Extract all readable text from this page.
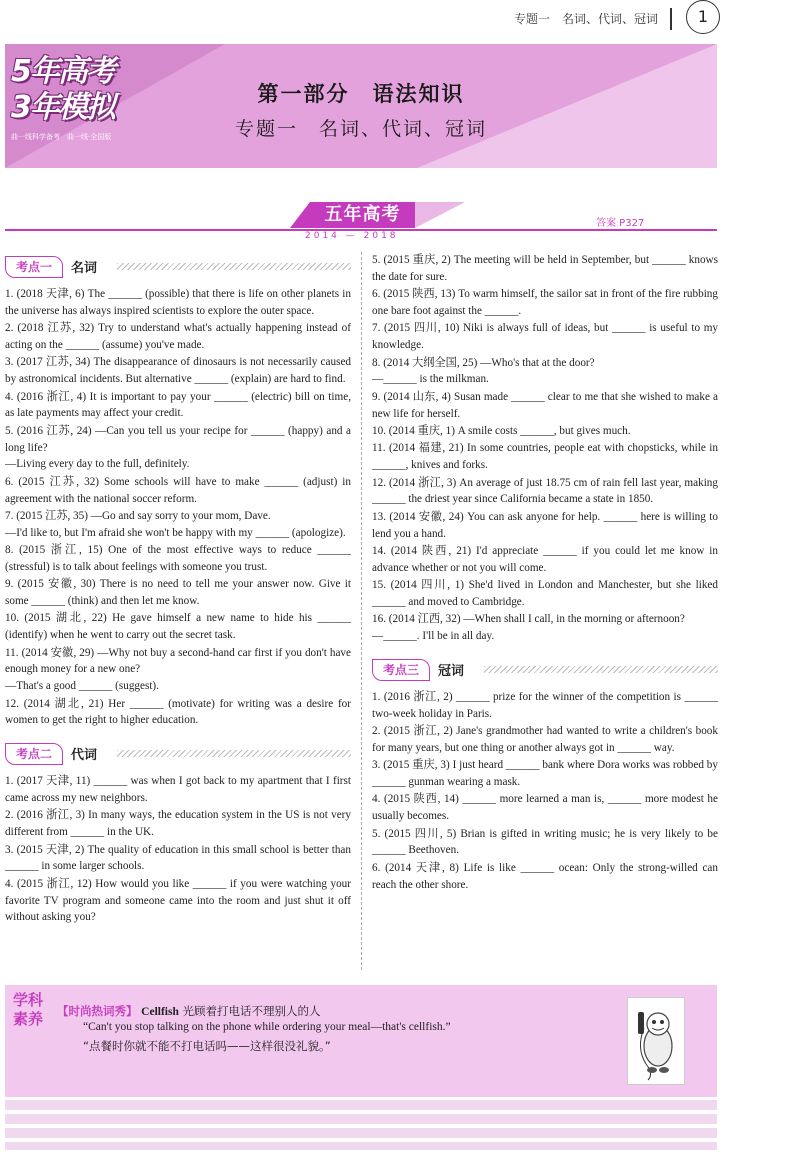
专题一　名词、代词、冠词	1
5年高考
3年模拟
曲一线科学备考　曲一线·全国版
第一部分　语法知识
专题一　名词、代词、冠词
五年高考
2014 — 2018
答案 P327
考点一	名词

1. (2018 天津, 6) The ______ (possible) that there is life on other planets in the universe has always inspired scientists to explore the outer space.

2. (2018 江苏, 32) Try to understand what's actually happening instead of acting on the ______ (assume) you've made.

3. (2017 江苏, 34) The disappearance of dinosaurs is not necessarily caused by astronomical incidents. But alternative ______ (explain) are hard to find.

4. (2016 浙江, 4) It is important to pay your ______ (electric) bill on time, as late payments may affect your credit.

5. (2016 江苏, 24) —Can you tell us your recipe for ______ (happy) and a long life?
—Living every day to the full, definitely.

6. (2015 江苏, 32) Some schools will have to make ______ (adjust) in agreement with the national soccer reform.

7. (2015 江苏, 35) —Go and say sorry to your mom, Dave.
—I'd like to, but I'm afraid she won't be happy with my ______ (apologize).

8. (2015 浙江, 15) One of the most effective ways to reduce ______ (stressful) is to talk about feelings with someone you trust.

9. (2015 安徽, 30) There is no need to tell me your answer now. Give it some ______ (think) and then let me know.

10. (2015 湖北, 22) He gave himself a new name to hide his ______ (identify) when he went to carry out the secret task.

11. (2014 安徽, 29) —Why not buy a second-hand car first if you don't have enough money for a new one?
—That's a good ______ (suggest).

12. (2014 湖北, 21) Her ______ (motivate) for writing was a desire for women to get the right to higher education.

考点二	代词

1. (2017 天津, 11) ______ was when I got back to my apartment that I first came across my new neighbors.

2. (2016 浙江, 3) In many ways, the education system in the US is not very different from ______ in the UK.

3. (2015 天津, 2) The quality of education in this small school is better than ______ in some larger schools.

4. (2015 浙江, 12) How would you like ______ if you were watching your favorite TV program and someone came into the room and just shut it off without asking you?

5. (2015 重庆, 2) The meeting will be held in September, but ______ knows the date for sure.

6. (2015 陕西, 13) To warm himself, the sailor sat in front of the fire rubbing one bare foot against the ______.

7. (2015 四川, 10) Niki is always full of ideas, but ______ is useful to my knowledge.

8. (2014 大纲全国, 25) —Who's that at the door?
—______ is the milkman.

9. (2014 山东, 4) Susan made ______ clear to me that she wished to make a new life for herself.

10. (2014 重庆, 1) A smile costs ______, but gives much.

11. (2014 福建, 21) In some countries, people eat with chopsticks, while in ______, knives and forks.

12. (2014 浙江, 3) An average of just 18.75 cm of rain fell last year, making ______ the driest year since California became a state in 1850.

13. (2014 安徽, 24) You can ask anyone for help. ______ here is willing to lend you a hand.

14. (2014 陕西, 21) I'd appreciate ______ if you could let me know in advance whether or not you will come.

15. (2014 四川, 1) She'd lived in London and Manchester, but she liked ______ and moved to Cambridge.

16. (2014 江西, 32) —When shall I call, in the morning or afternoon?
—______. I'll be in all day.

考点三	冠词

1. (2016 浙江, 2) ______ prize for the winner of the competition is ______ two-week holiday in Paris.

2. (2015 浙江, 2) Jane's grandmother had wanted to write a children's book for many years, but one thing or another always got in ______ way.

3. (2015 重庆, 3) I just heard ______ bank where Dora works was robbed by ______ gunman wearing a mask.

4. (2015 陕西, 14) ______ more learned a man is, ______ more modest he usually becomes.

5. (2015 四川, 5) Brian is gifted in writing music; he is very likely to be ______ Beethoven.

6. (2014 天津, 8) Life is like ______ ocean: Only the strong-willed can reach the other shore.

学科素养 【时尚热词秀】 Cellfish 光顾着打电话不理别人的人
“Can't you stop talking on the phone while ordering your meal—that's cellfish.”
“点餐时你就不能不打电话吗——这样很没礼貌。”
